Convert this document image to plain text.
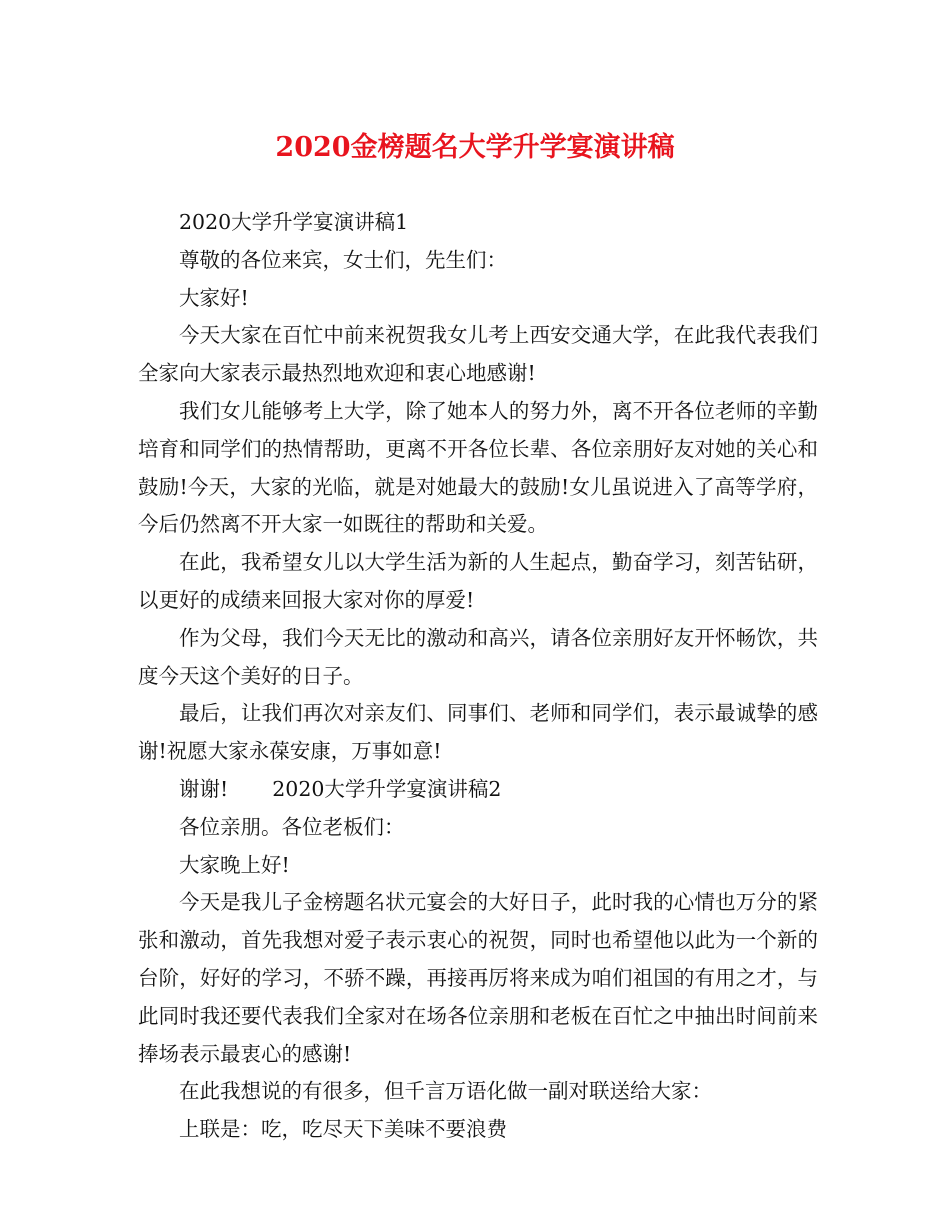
2020金榜题名大学升学宴演讲稿

2020大学升学宴演讲稿1

尊敬的各位来宾，女士们，先生们：

大家好!

今天大家在百忙中前来祝贺我女儿考上西安交通大学，在此我代表我们全家向大家表示最热烈地欢迎和衷心地感谢!

我们女儿能够考上大学，除了她本人的努力外，离不开各位老师的辛勤培育和同学们的热情帮助，更离不开各位长辈、各位亲朋好友对她的关心和鼓励!今天，大家的光临，就是对她最大的鼓励!女儿虽说进入了高等学府，今后仍然离不开大家一如既往的帮助和关爱。

在此，我希望女儿以大学生活为新的人生起点，勤奋学习，刻苦钻研，以更好的成绩来回报大家对你的厚爱!

作为父母，我们今天无比的激动和高兴，请各位亲朋好友开怀畅饮，共度今天这个美好的日子。

最后，让我们再次对亲友们、同事们、老师和同学们，表示最诚挚的感谢!祝愿大家永葆安康，万事如意!

谢谢! 2020大学升学宴演讲稿2

各位亲朋。各位老板们：

大家晚上好!

今天是我儿子金榜题名状元宴会的大好日子，此时我的心情也万分的紧张和激动，首先我想对爱子表示衷心的祝贺，同时也希望他以此为一个新的台阶，好好的学习，不骄不躁，再接再厉将来成为咱们祖国的有用之才，与此同时我还要代表我们全家对在场各位亲朋和老板在百忙之中抽出时间前来捧场表示最衷心的感谢!

在此我想说的有很多，但千言万语化做一副对联送给大家：

上联是：吃，吃尽天下美味不要浪费
